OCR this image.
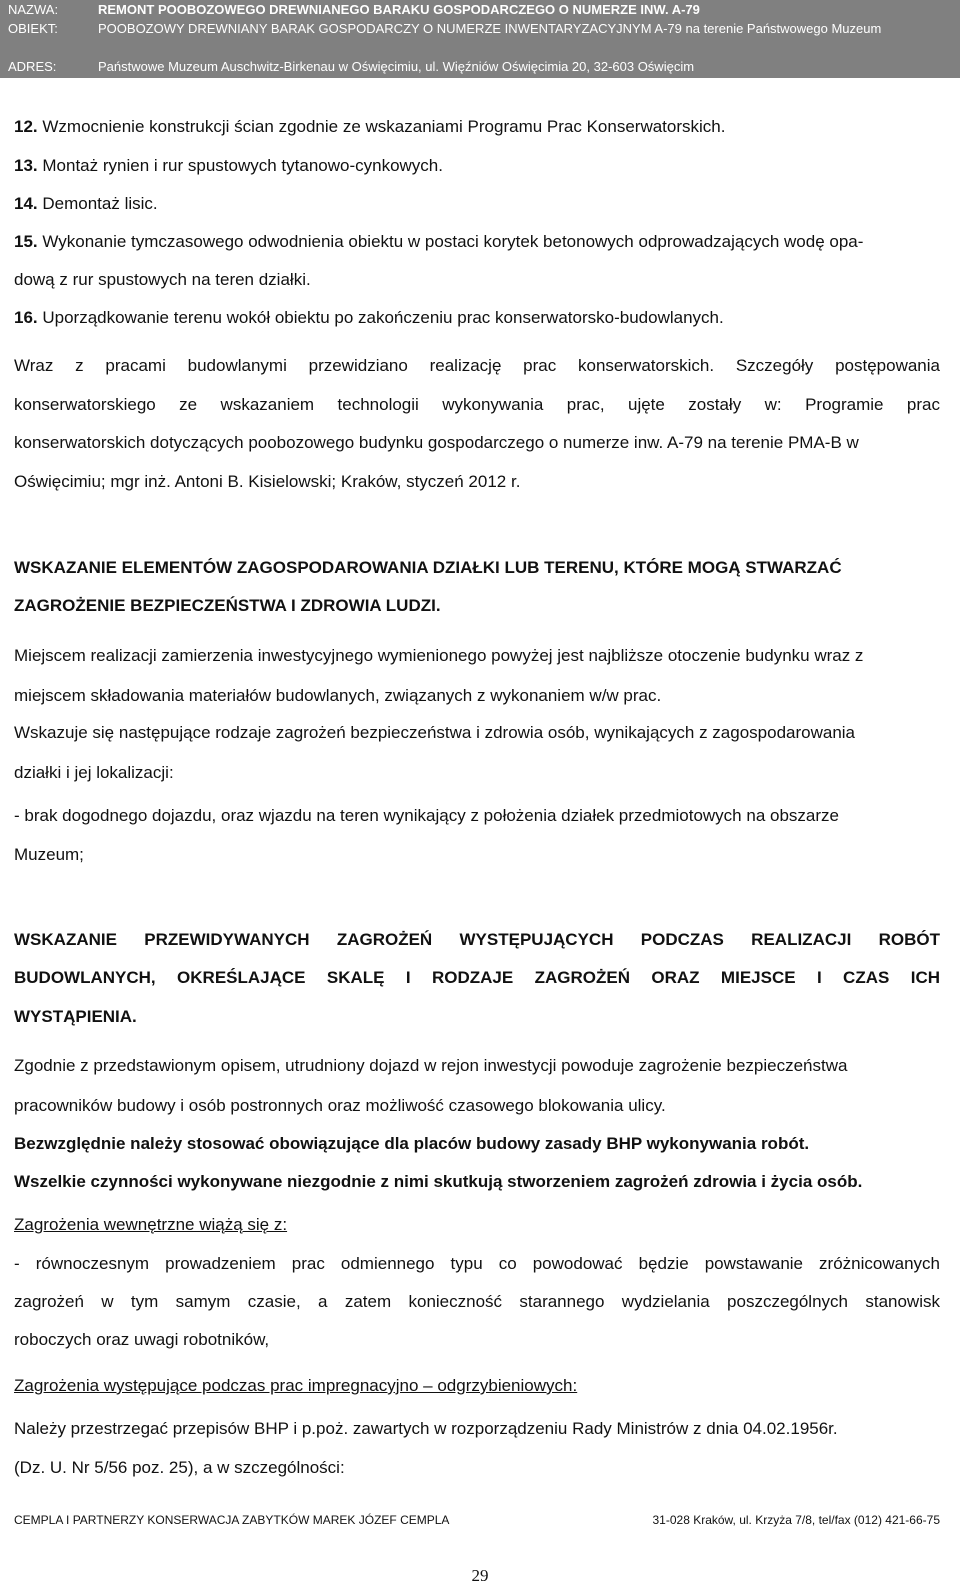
NAZWA:	REMONT POOBOZOWEGO DREWNIANEGO BARAKU GOSPODARCZEGO O NUMERZE INW. A-79
OBIEKT:	POOBOZOWY DREWNIANY BARAK GOSPODARCZY O NUMERZE INWENTARYZACYJNYM A-79 na terenie Państwowego Muzeum
ADRES:	Państwowe Muzeum Auschwitz-Birkenau w Oświęcimiu, ul. Więźniów Oświęcimia 20, 32-603 Oświęcim
12. Wzmocnienie konstrukcji ścian zgodnie ze wskazaniami Programu Prac Konserwatorskich.
13. Montaż rynien i rur spustowych tytanowo-cynkowych.
14. Demontaż lisic.
15. Wykonanie tymczasowego odwodnienia obiektu w postaci korytek betonowych odprowadzających wodę opa-
dową z rur spustowych na teren działki.
16. Uporządkowanie terenu wokół obiektu po zakończeniu prac konserwatorsko-budowlanych.
Wraz z pracami budowlanymi przewidziano realizację prac konserwatorskich. Szczegóły postępowania
konserwatorskiego ze wskazaniem technologii wykonywania prac, ujęte zostały w: Programie prac
konserwatorskich dotyczących poobozowego budynku gospodarczego o numerze inw. A-79 na terenie PMA-B w
Oświęcimiu; mgr inż. Antoni B. Kisielowski; Kraków, styczeń 2012 r.
WSKAZANIE ELEMENTÓW ZAGOSPODAROWANIA DZIAŁKI LUB TERENU, KTÓRE MOGĄ STWARZAĆ
ZAGROŻENIE BEZPIECZEŃSTWA I ZDROWIA LUDZI.
Miejscem realizacji zamierzenia inwestycyjnego wymienionego powyżej jest najbliższe otoczenie budynku wraz z
miejscem składowania materiałów budowlanych, związanych z wykonaniem w/w prac.
Wskazuje się następujące rodzaje zagrożeń bezpieczeństwa i zdrowia osób, wynikających z zagospodarowania
działki i jej lokalizacji:
- brak dogodnego dojazdu, oraz wjazdu na teren wynikający z położenia działek przedmiotowych na obszarze
Muzeum;
WSKAZANIE PRZEWIDYWANYCH ZAGROŻEŃ WYSTĘPUJĄCYCH PODCZAS REALIZACJI ROBÓT
BUDOWLANYCH, OKREŚLAJĄCE SKALĘ I RODZAJE ZAGROŻEŃ ORAZ MIEJSCE I CZAS ICH
WYSTĄPIENIA.
Zgodnie z przedstawionym opisem, utrudniony dojazd w rejon inwestycji powoduje zagrożenie bezpieczeństwa
pracowników budowy i osób postronnych oraz możliwość czasowego blokowania ulicy.
Bezwzględnie należy stosować obowiązujące dla placów budowy zasady BHP wykonywania robót.
Wszelkie czynności wykonywane niezgodnie z nimi skutkują stworzeniem zagrożeń zdrowia i życia osób.
Zagrożenia wewnętrzne wiążą się z:
- równoczesnym prowadzeniem prac odmiennego typu co powodować będzie powstawanie zróżnicowanych
zagrożeń w tym samym czasie, a zatem konieczność starannego wydzielania poszczególnych stanowisk
roboczych oraz uwagi robotników,
Zagrożenia występujące podczas prac impregnacyjno – odgrzybieniowych:
Należy przestrzegać przepisów BHP i p.poż. zawartych w rozporządzeniu Rady Ministrów z dnia 04.02.1956r.
(Dz. U. Nr 5/56 poz. 25), a w szczególności:
CEMPLA I PARTNERZY KONSERWACJA ZABYTKÓW MAREK JÓZEF CEMPLA	31-028 Kraków, ul. Krzyża 7/8, tel/fax (012) 421-66-75
29
